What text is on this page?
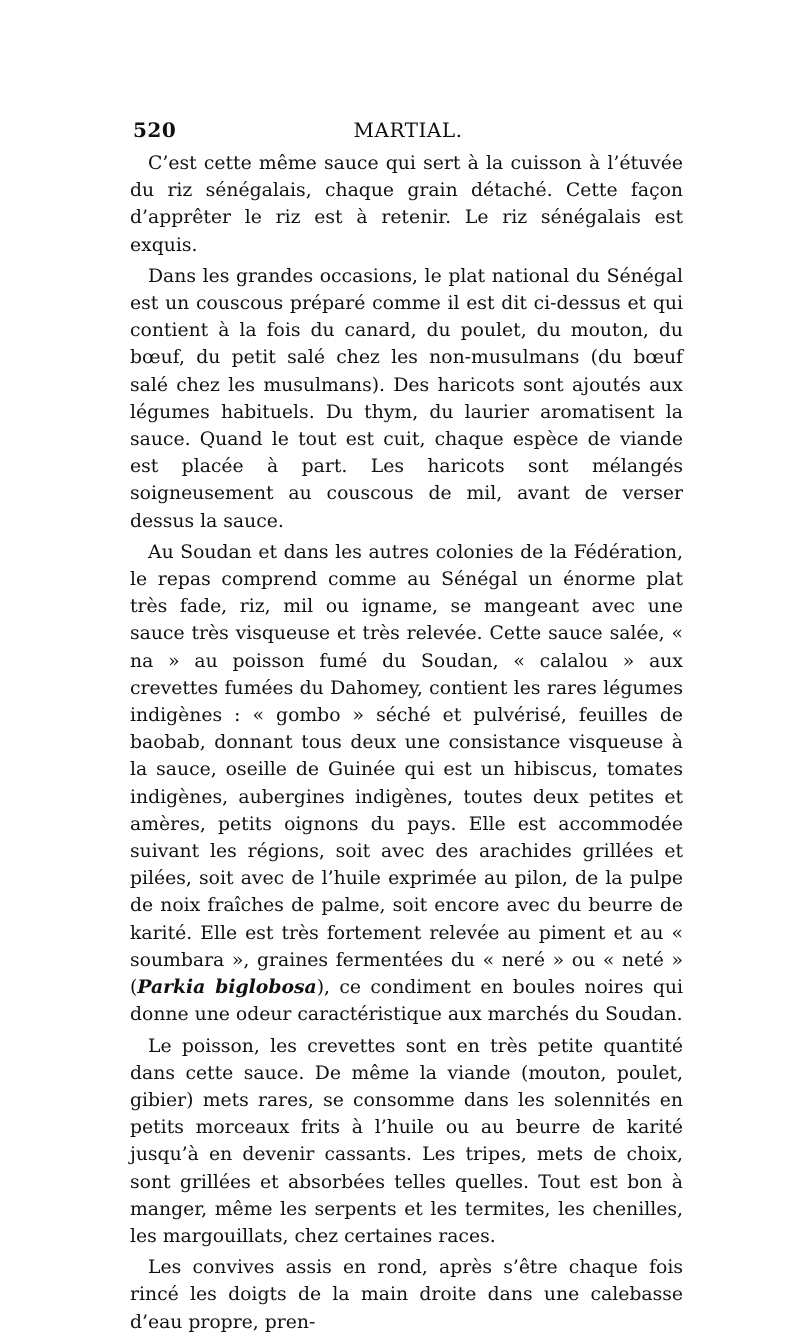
520	MARTIAL.

C’est cette même sauce qui sert à la cuisson à l’étuvée du riz sénégalais, chaque grain détaché. Cette façon d’apprêter le riz est à retenir. Le riz sénégalais est exquis.

Dans les grandes occasions, le plat national du Sénégal est un couscous préparé comme il est dit ci-dessus et qui contient à la fois du canard, du poulet, du mouton, du bœuf, du petit salé chez les non-musulmans (du bœuf salé chez les musulmans). Des haricots sont ajoutés aux légumes habituels. Du thym, du laurier aromatisent la sauce. Quand le tout est cuit, chaque espèce de viande est placée à part. Les haricots sont mélangés soigneusement au couscous de mil, avant de verser dessus la sauce.

Au Soudan et dans les autres colonies de la Fédération, le repas comprend comme au Sénégal un énorme plat très fade, riz, mil ou igname, se mangeant avec une sauce très visqueuse et très relevée. Cette sauce salée, « na » au poisson fumé du Soudan, « calalou » aux crevettes fumées du Dahomey, contient les rares légumes indigènes : « gombo » séché et pulvérisé, feuilles de baobab, donnant tous deux une consistance visqueuse à la sauce, oseille de Guinée qui est un hibiscus, tomates indigènes, aubergines indigènes, toutes deux petites et amères, petits oignons du pays. Elle est accommodée suivant les régions, soit avec des arachides grillées et pilées, soit avec de l’huile exprimée au pilon, de la pulpe de noix fraîches de palme, soit encore avec du beurre de karité. Elle est très fortement relevée au piment et au « soumbara », graines fermentées du « neré » ou « neté » (Parkia biglobosa), ce condiment en boules noires qui donne une odeur caractéristique aux marchés du Soudan.

Le poisson, les crevettes sont en très petite quantité dans cette sauce. De même la viande (mouton, poulet, gibier) mets rares, se consomme dans les solennités en petits morceaux frits à l’huile ou au beurre de karité jusqu’à en devenir cassants. Les tripes, mets de choix, sont grillées et absorbées telles quelles. Tout est bon à manger, même les serpents et les termites, les chenilles, les margouillats, chez certaines races.

Les convives assis en rond, après s’être chaque fois rincé les doigts de la main droite dans une calebasse d’eau propre, pren-
